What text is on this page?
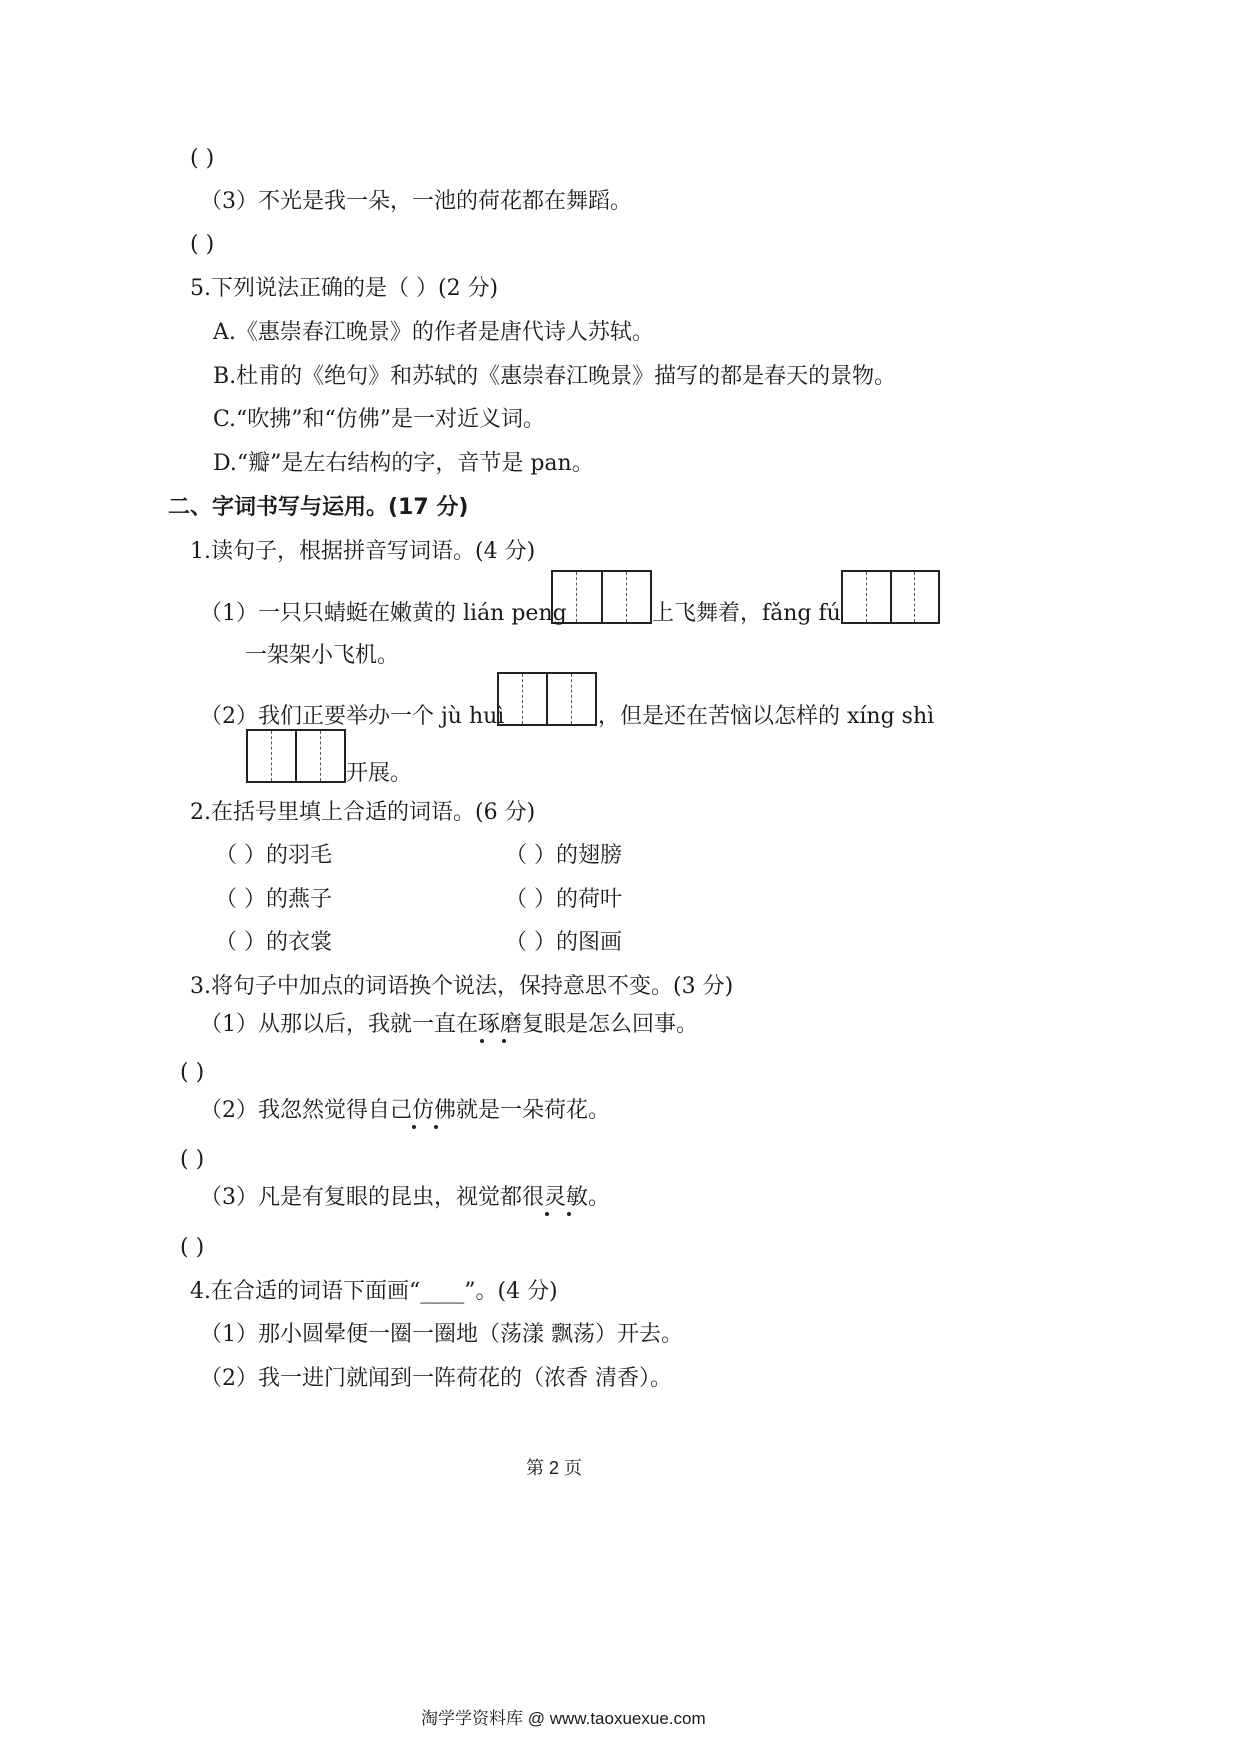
( )
（3）不光是我一朵，一池的荷花都在舞蹈。
( )
5.下列说法正确的是（ ）(2 分)
A.《惠崇春江晚景》的作者是唐代诗人苏轼。
B.杜甫的《绝句》和苏轼的《惠崇春江晚景》描写的都是春天的景物。
C.“吹拂”和“仿佛”是一对近义词。
D.“瓣”是左右结构的字，音节是 pan。
二、字词书写与运用。(17 分)
1.读句子，根据拼音写词语。(4 分)
（1）一只只蜻蜓在嫩黄的 lián peng	上飞舞着，fǎng fú
一架架小飞机。
（2）我们正要举办一个 jù huì	，但是还在苦恼以怎样的 xíng shì
开展。
2.在括号里填上合适的词语。(6 分)
（ ）的羽毛	（ ）的翅膀
（ ）的燕子	（ ）的荷叶
（ ）的衣裳	（ ）的图画
3.将句子中加点的词语换个说法，保持意思不变。(3 分)
（1）从那以后，我就一直在琢磨复眼是怎么回事。
( )
（2）我忽然觉得自己仿佛就是一朵荷花。
( )
（3）凡是有复眼的昆虫，视觉都很灵敏。
( )
4.在合适的词语下面画“____”。(4 分)
（1）那小圆晕便一圈一圈地（荡漾 飘荡）开去。
（2）我一进门就闻到一阵荷花的（浓香 清香）。
第 2 页
淘学学资料库 @ www.taoxuexue.com
